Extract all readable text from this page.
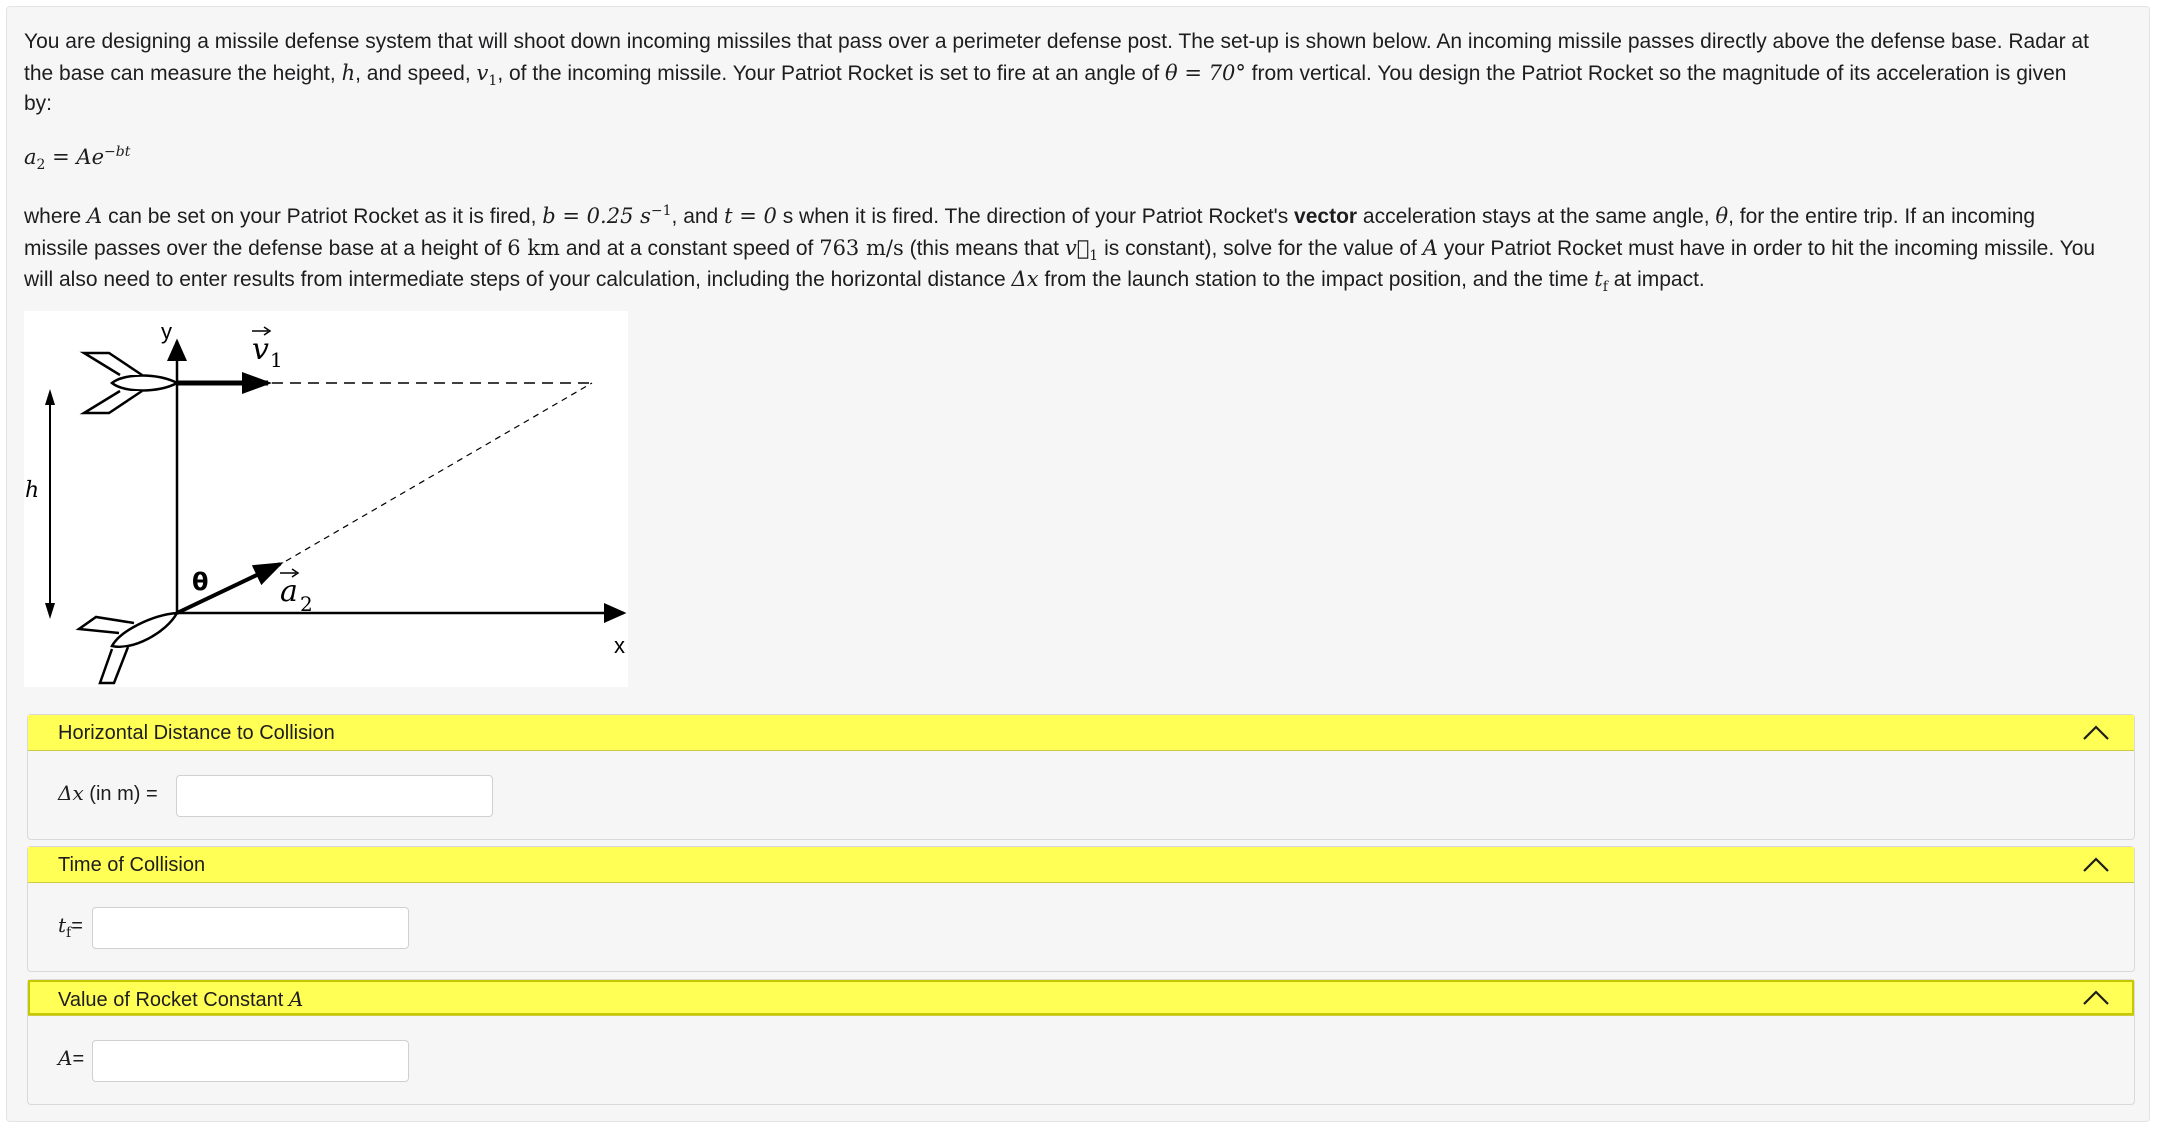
You are designing a missile defense system that will shoot down incoming missiles that pass over a perimeter defense post. The set-up is shown below. An incoming missile passes directly above the defense base. Radar at
the base can measure the height, h, and speed, $v_1$, of the incoming missile. Your Patriot Rocket is set to fire at an angle of θ = 70° from vertical. You design the Patriot Rocket so the magnitude of its acceleration is given
by:
$a_2 = Ae^{-bt}$
where A can be set on your Patriot Rocket as it is fired, b = 0.25 $s^{-1}$, and t = 0 s when it is fired. The direction of your Patriot Rocket's vector acceleration stays at the same angle, θ, for the entire trip. If an incoming
missile passes over the defense base at a height of 6 km and at a constant speed of 763 m/s (this means that $v⃗_1$ is constant), solve for the value of A your Patriot Rocket must have in order to hit the incoming missile. You
will also need to enter results from intermediate steps of your calculation, including the horizontal distance Δx from the launch station to the impact position, and the time $t_f$ at impact.
y
x
h
θ
v 1
a 2
Horizontal Distance to Collision
Δx (in m) =
Time of Collision
$t_f=$
Value of Rocket Constant A
A=
